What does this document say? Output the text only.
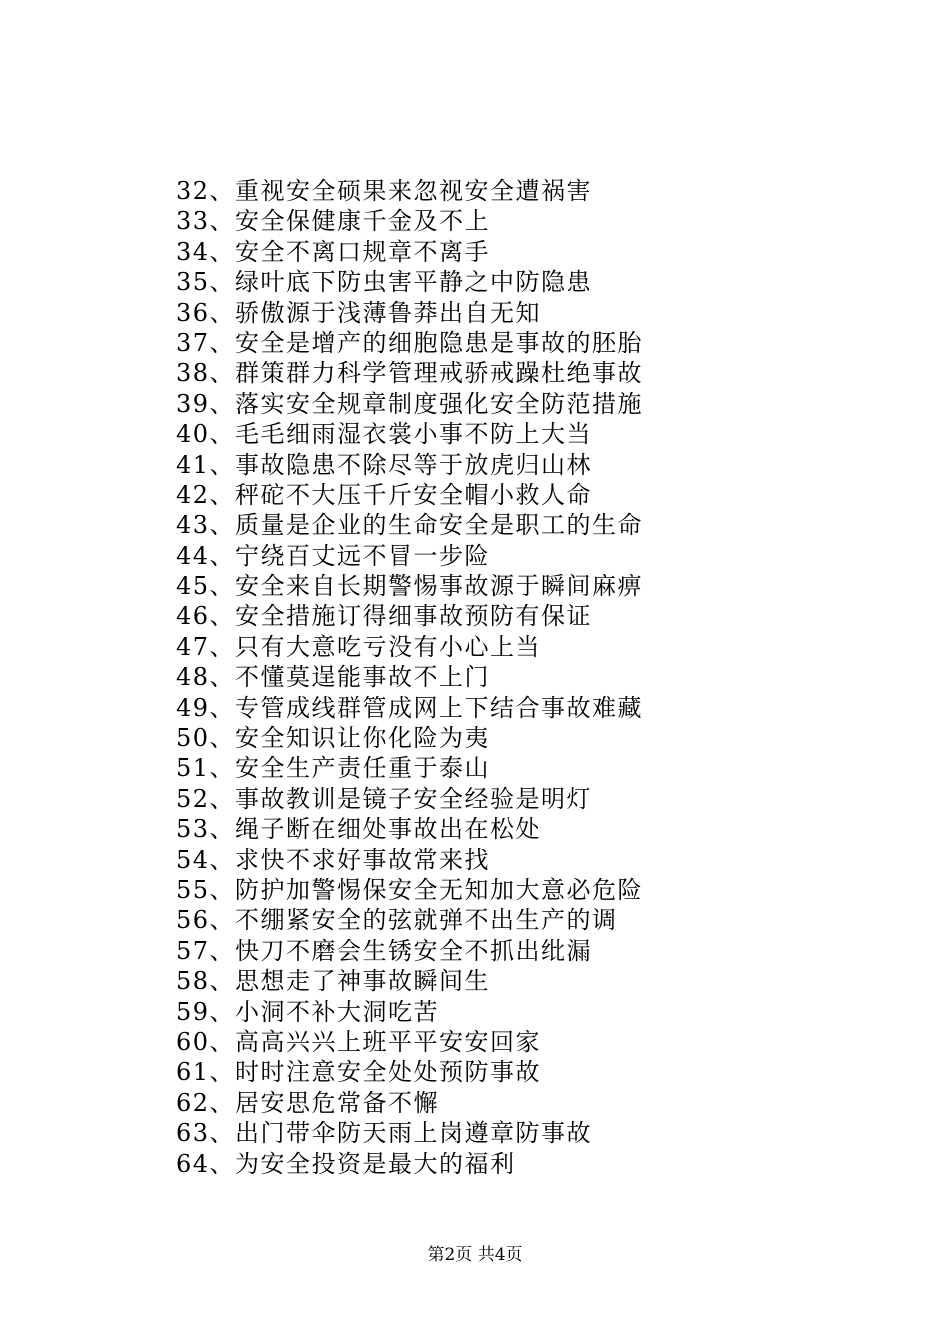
32、重视安全硕果来忽视安全遭祸害
33、安全保健康千金及不上
34、安全不离口规章不离手
35、绿叶底下防虫害平静之中防隐患
36、骄傲源于浅薄鲁莽出自无知
37、安全是增产的细胞隐患是事故的胚胎
38、群策群力科学管理戒骄戒躁杜绝事故
39、落实安全规章制度强化安全防范措施
40、毛毛细雨湿衣裳小事不防上大当
41、事故隐患不除尽等于放虎归山林
42、秤砣不大压千斤安全帽小救人命
43、质量是企业的生命安全是职工的生命
44、宁绕百丈远不冒一步险
45、安全来自长期警惕事故源于瞬间麻痹
46、安全措施订得细事故预防有保证
47、只有大意吃亏没有小心上当
48、不懂莫逞能事故不上门
49、专管成线群管成网上下结合事故难藏
50、安全知识让你化险为夷
51、安全生产责任重于泰山
52、事故教训是镜子安全经验是明灯
53、绳子断在细处事故出在松处
54、求快不求好事故常来找
55、防护加警惕保安全无知加大意必危险
56、不绷紧安全的弦就弹不出生产的调
57、快刀不磨会生锈安全不抓出纰漏
58、思想走了神事故瞬间生
59、小洞不补大洞吃苦
60、高高兴兴上班平平安安回家
61、时时注意安全处处预防事故
62、居安思危常备不懈
63、出门带伞防天雨上岗遵章防事故
64、为安全投资是最大的福利
第2页 共4页
